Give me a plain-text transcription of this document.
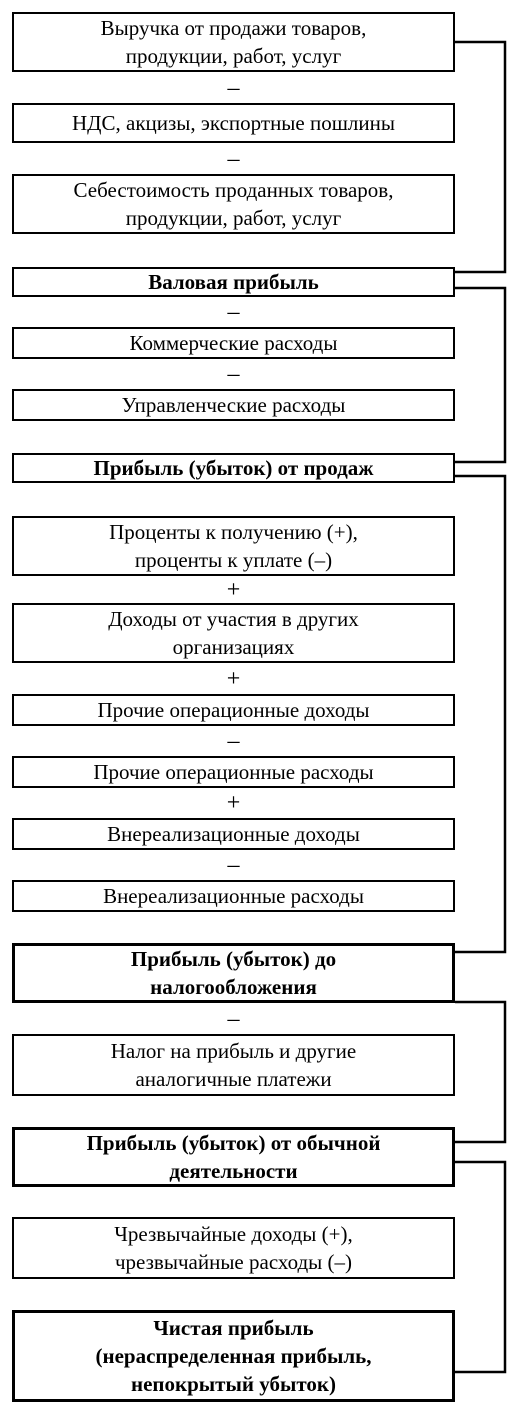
Выручка от продажи товаров,
продукции, работ, услуг
–
НДС, акцизы, экспортные пошлины
–
Себестоимость проданных товаров,
продукции, работ, услуг
Валовая прибыль
–
Коммерческие расходы
–
Управленческие расходы
Прибыль (убыток) от продаж
Проценты к получению (+),
проценты к уплате (–)
+
Доходы от участия в других
организациях
+
Прочие операционные доходы
–
Прочие операционные расходы
+
Внереализационные доходы
–
Внереализационные расходы
Прибыль (убыток) до
налогообложения
–
Налог на прибыль и другие
аналогичные платежи
Прибыль (убыток) от обычной
деятельности
Чрезвычайные доходы (+),
чрезвычайные расходы (–)
Чистая прибыль
(нераспределенная прибыль,
непокрытый убыток)
